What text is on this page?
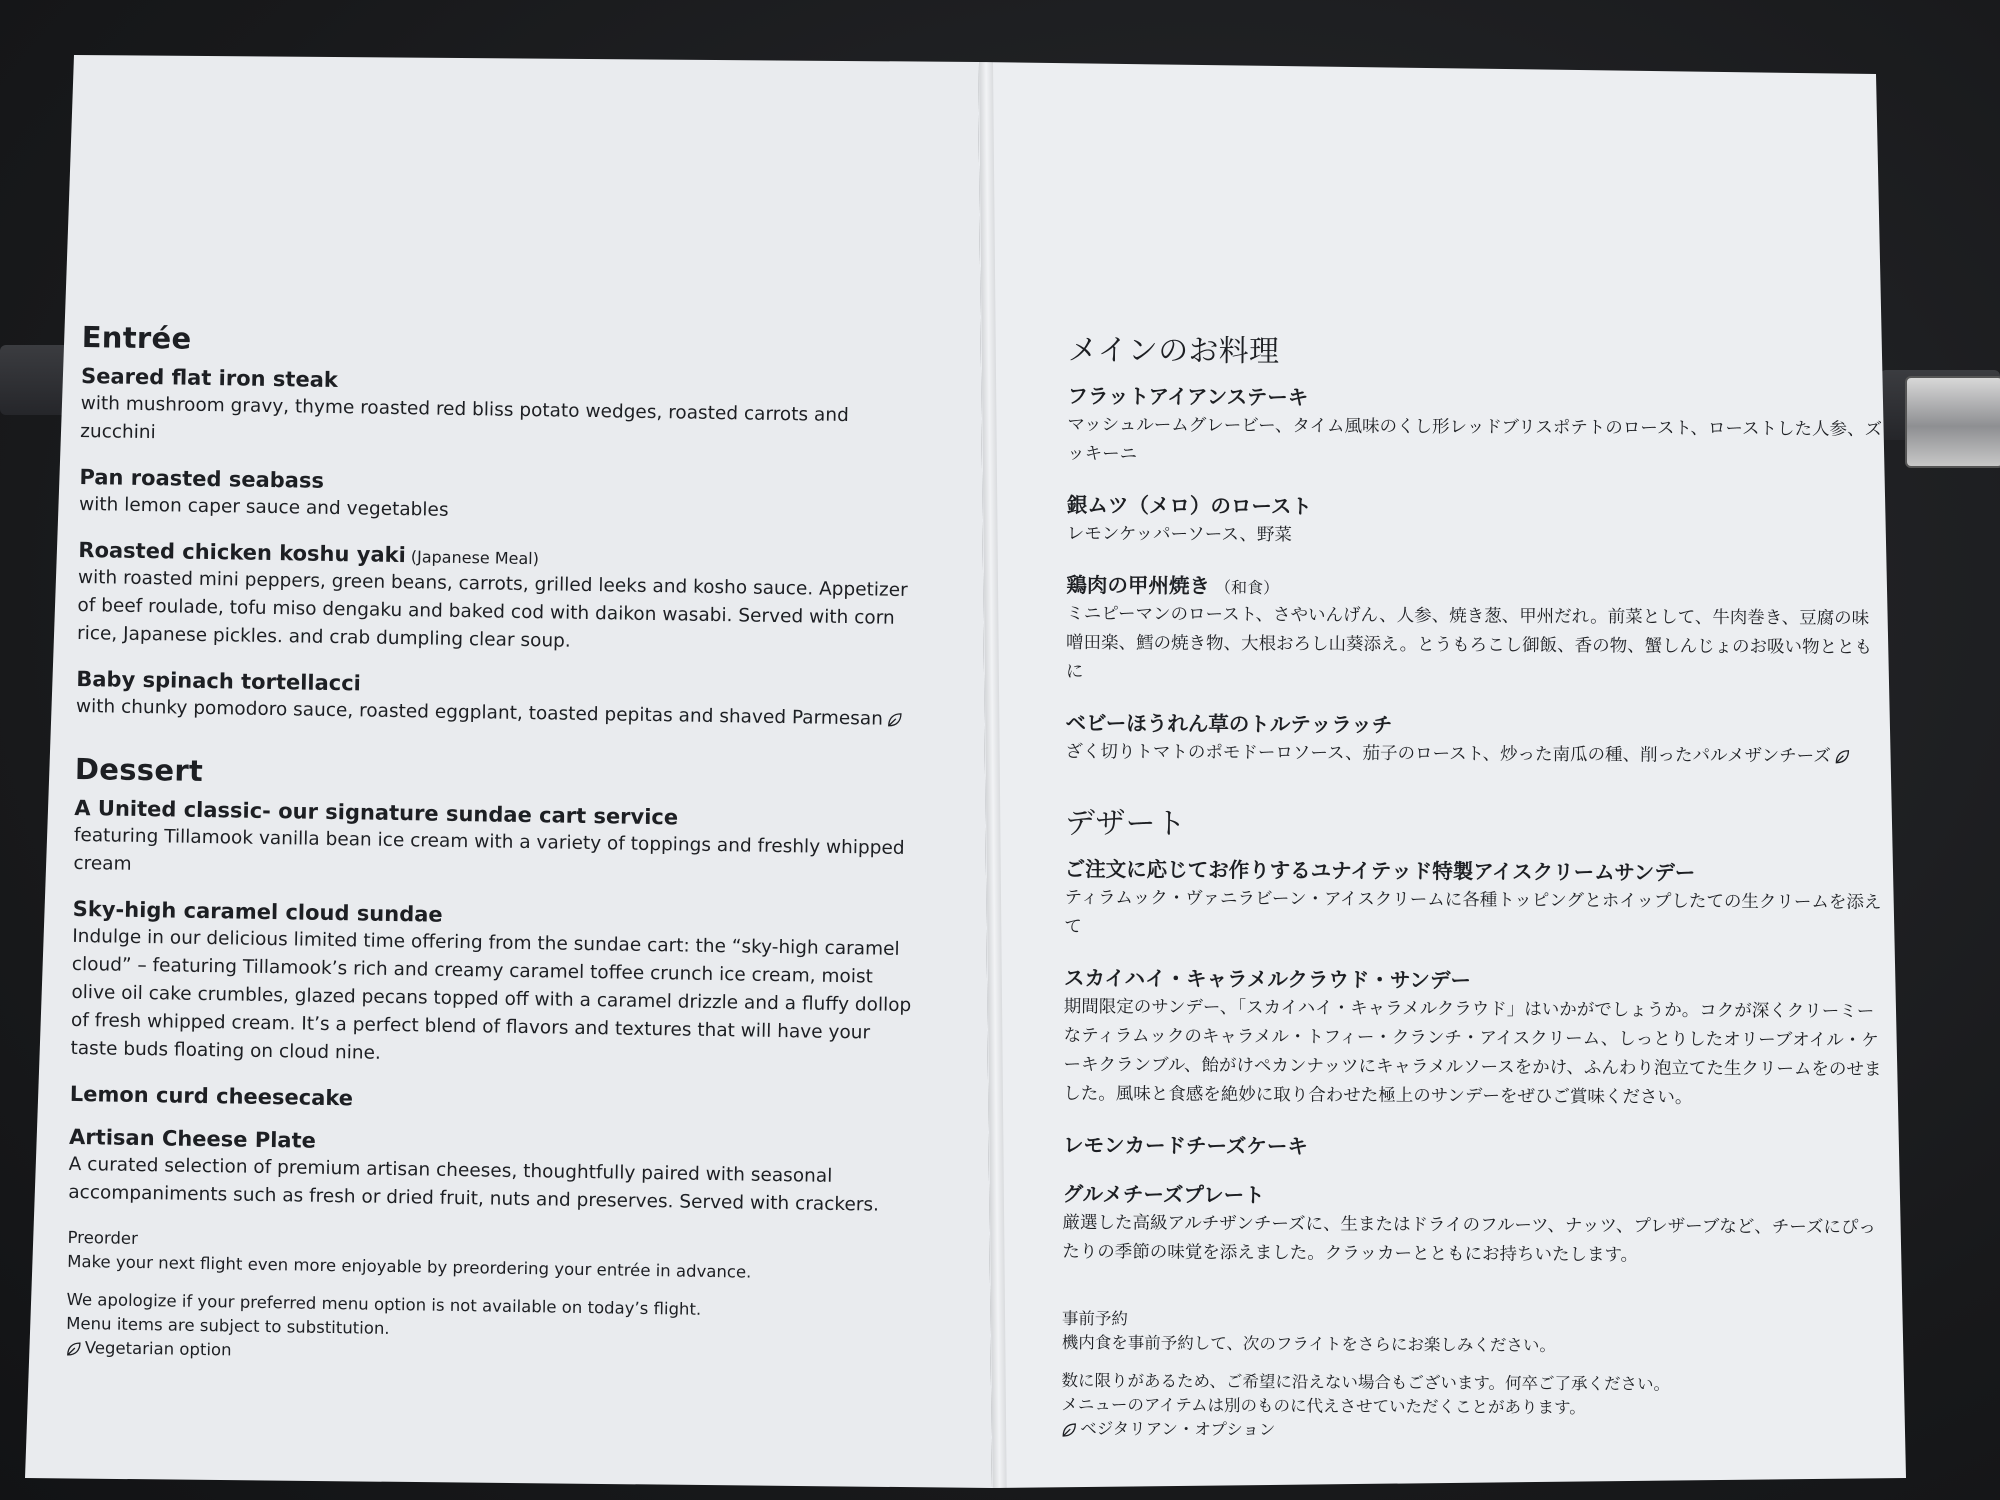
Entrée
Seared flat iron steak
with mushroom gravy, thyme roasted red bliss potato wedges, roasted carrots and zucchini
Pan roasted seabass
with lemon caper sauce and vegetables
Roasted chicken koshu yaki (Japanese Meal)
with roasted mini peppers, green beans, carrots, grilled leeks and kosho sauce. Appetizer of beef roulade, tofu miso dengaku and baked cod with daikon wasabi. Served with corn rice, Japanese pickles. and crab dumpling clear soup.
Baby spinach tortellacci
with chunky pomodoro sauce, roasted eggplant, toasted pepitas and shaved Parmesan
Dessert
A United classic- our signature sundae cart service
featuring Tillamook vanilla bean ice cream with a variety of toppings and freshly whipped cream
Sky-high caramel cloud sundae
Indulge in our delicious limited time offering from the sundae cart: the “sky-high caramel cloud” – featuring Tillamook’s rich and creamy caramel toffee crunch ice cream, moist olive oil cake crumbles, glazed pecans topped off with a caramel drizzle and a fluffy dollop of fresh whipped cream. It’s a perfect blend of flavors and textures that will have your taste buds floating on cloud nine.
Lemon curd cheesecake
Artisan Cheese Plate
A curated selection of premium artisan cheeses, thoughtfully paired with seasonal accompaniments such as fresh or dried fruit, nuts and preserves. Served with crackers.

Preorder
Make your next flight even more enjoyable by preordering your entrée in advance.

We apologize if your preferred menu option is not available on today’s flight.
Menu items are subject to substitution.

Vegetarian option

メインのお料理
フラットアイアンステーキ
マッシュルームグレービー、タイム風味のくし形レッドブリスポテトのロースト、ローストした人参、ズッキーニ
銀ムツ（メロ）のロースト
レモンケッパーソース、野菜
鶏肉の甲州焼き （和食）
ミニピーマンのロースト、さやいんげん、人参、焼き葱、甲州だれ。前菜として、牛肉巻き、豆腐の味噌田楽、鱈の焼き物、大根おろし山葵添え。とうもろこし御飯、香の物、蟹しんじょのお吸い物とともに
ベビーほうれん草のトルテッラッチ
ざく切りトマトのポモドーロソース、茄子のロースト、炒った南瓜の種、削ったパルメザンチーズ
デザート
ご注文に応じてお作りするユナイテッド特製アイスクリームサンデー
ティラムック・ヴァニラビーン・アイスクリームに各種トッピングとホイップしたての生クリームを添えて
スカイハイ・キャラメルクラウド・サンデー
期間限定のサンデー、「スカイハイ・キャラメルクラウド」はいかがでしょうか。コクが深くクリーミーなティラムックのキャラメル・トフィー・クランチ・アイスクリーム、しっとりしたオリーブオイル・ケーキクランブル、飴がけペカンナッツにキャラメルソースをかけ、ふんわり泡立てた生クリームをのせました。風味と食感を絶妙に取り合わせた極上のサンデーをぜひご賞味ください。
レモンカードチーズケーキ
グルメチーズプレート
厳選した高級アルチザンチーズに、生またはドライのフルーツ、ナッツ、プレザーブなど、チーズにぴったりの季節の味覚を添えました。クラッカーとともにお持ちいたします。

事前予約
機内食を事前予約して、次のフライトをさらにお楽しみください。

数に限りがあるため、ご希望に沿えない場合もございます。何卒ご了承ください。
メニューのアイテムは別のものに代えさせていただくことがあります。

ベジタリアン・オプション
